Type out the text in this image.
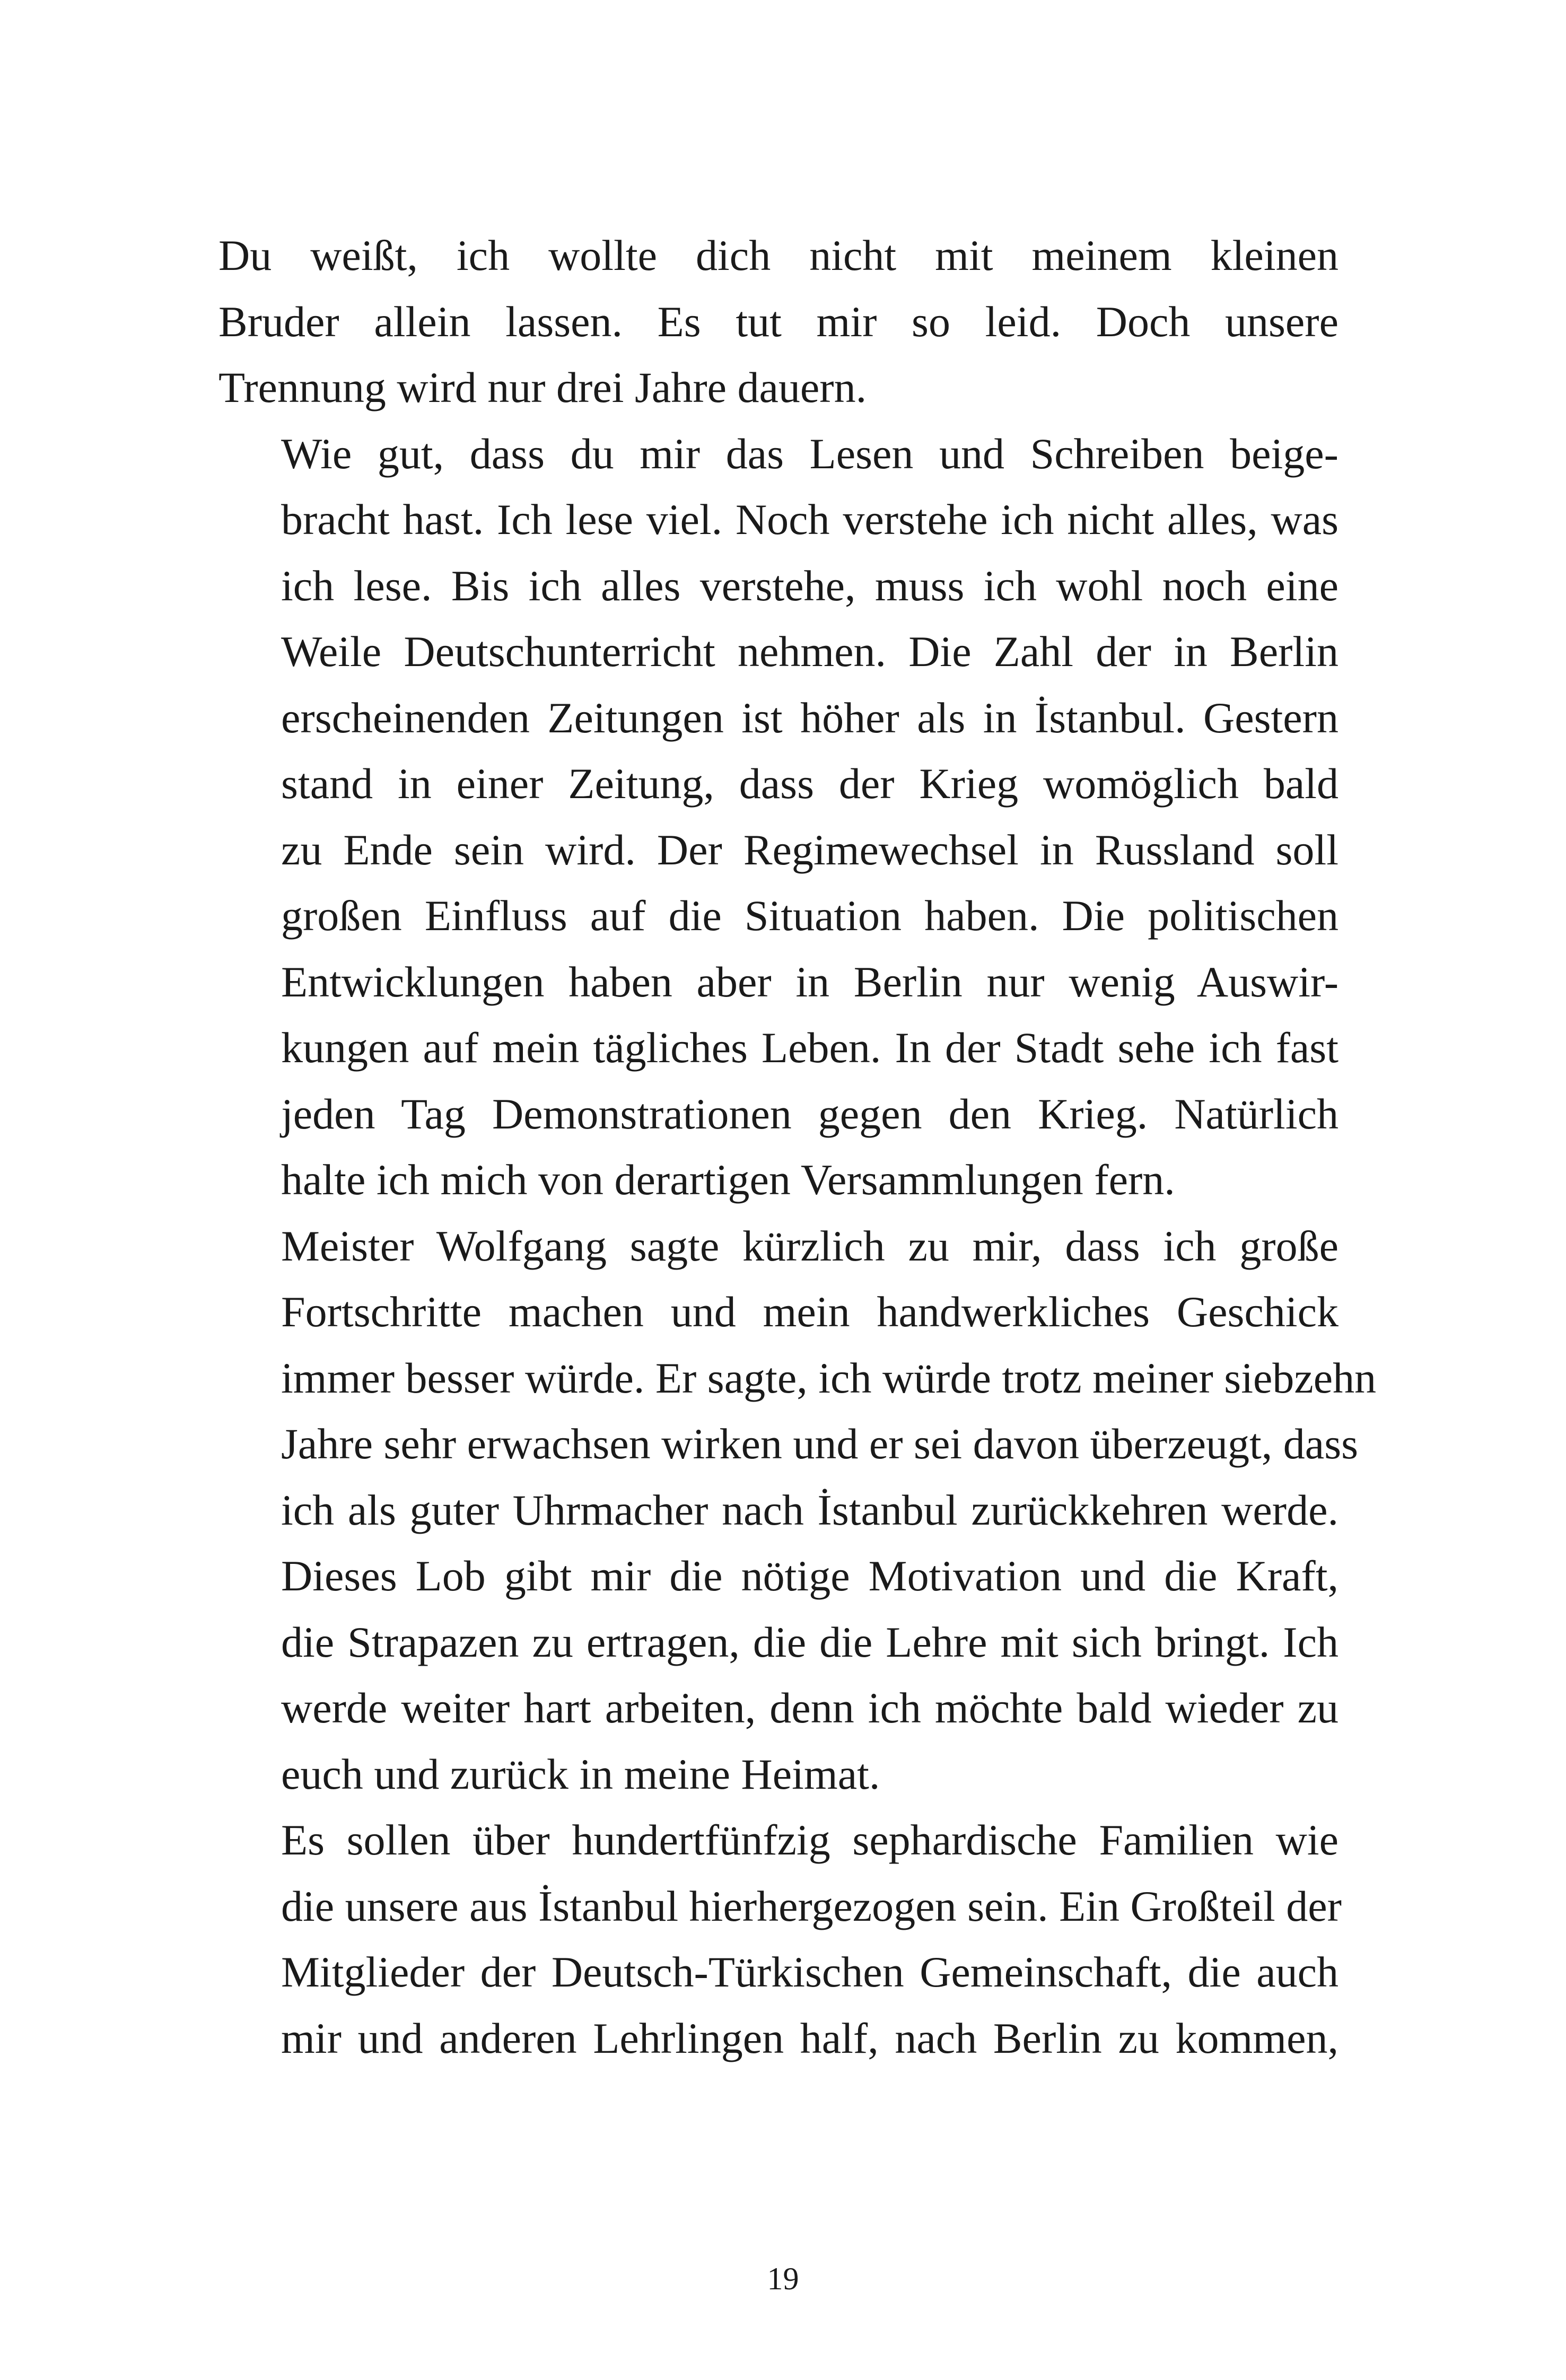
Du weißt, ich wollte dich nicht mit meinem kleinen
Bruder allein lassen. Es tut mir so leid. Doch unsere
Trennung wird nur drei Jahre dauern.

Wie gut, dass du mir das Lesen und Schreiben beige-
bracht hast. Ich lese viel. Noch verstehe ich nicht alles, was
ich lese. Bis ich alles verstehe, muss ich wohl noch eine
Weile Deutschunterricht nehmen. Die Zahl der in Berlin
erscheinenden Zeitungen ist höher als in İstanbul. Gestern
stand in einer Zeitung, dass der Krieg womöglich bald
zu Ende sein wird. Der Regimewechsel in Russland soll
großen Einfluss auf die Situation haben. Die politischen
Entwicklungen haben aber in Berlin nur wenig Auswir-
kungen auf mein tägliches Leben. In der Stadt sehe ich fast
jeden Tag Demonstrationen gegen den Krieg. Natürlich
halte ich mich von derartigen Versammlungen fern.

Meister Wolfgang sagte kürzlich zu mir, dass ich große
Fortschritte machen und mein handwerkliches Geschick
immer besser würde. Er sagte, ich würde trotz meiner siebzehn
Jahre sehr erwachsen wirken und er sei davon überzeugt, dass
ich als guter Uhrmacher nach İstanbul zurückkehren werde.
Dieses Lob gibt mir die nötige Motivation und die Kraft,
die Strapazen zu ertragen, die die Lehre mit sich bringt. Ich
werde weiter hart arbeiten, denn ich möchte bald wieder zu
euch und zurück in meine Heimat.

Es sollen über hundertfünfzig sephardische Familien wie
die unsere aus İstanbul hierhergezogen sein. Ein Großteil der
Mitglieder der Deutsch-Türkischen Gemeinschaft, die auch
mir und anderen Lehrlingen half, nach Berlin zu kommen,

19
